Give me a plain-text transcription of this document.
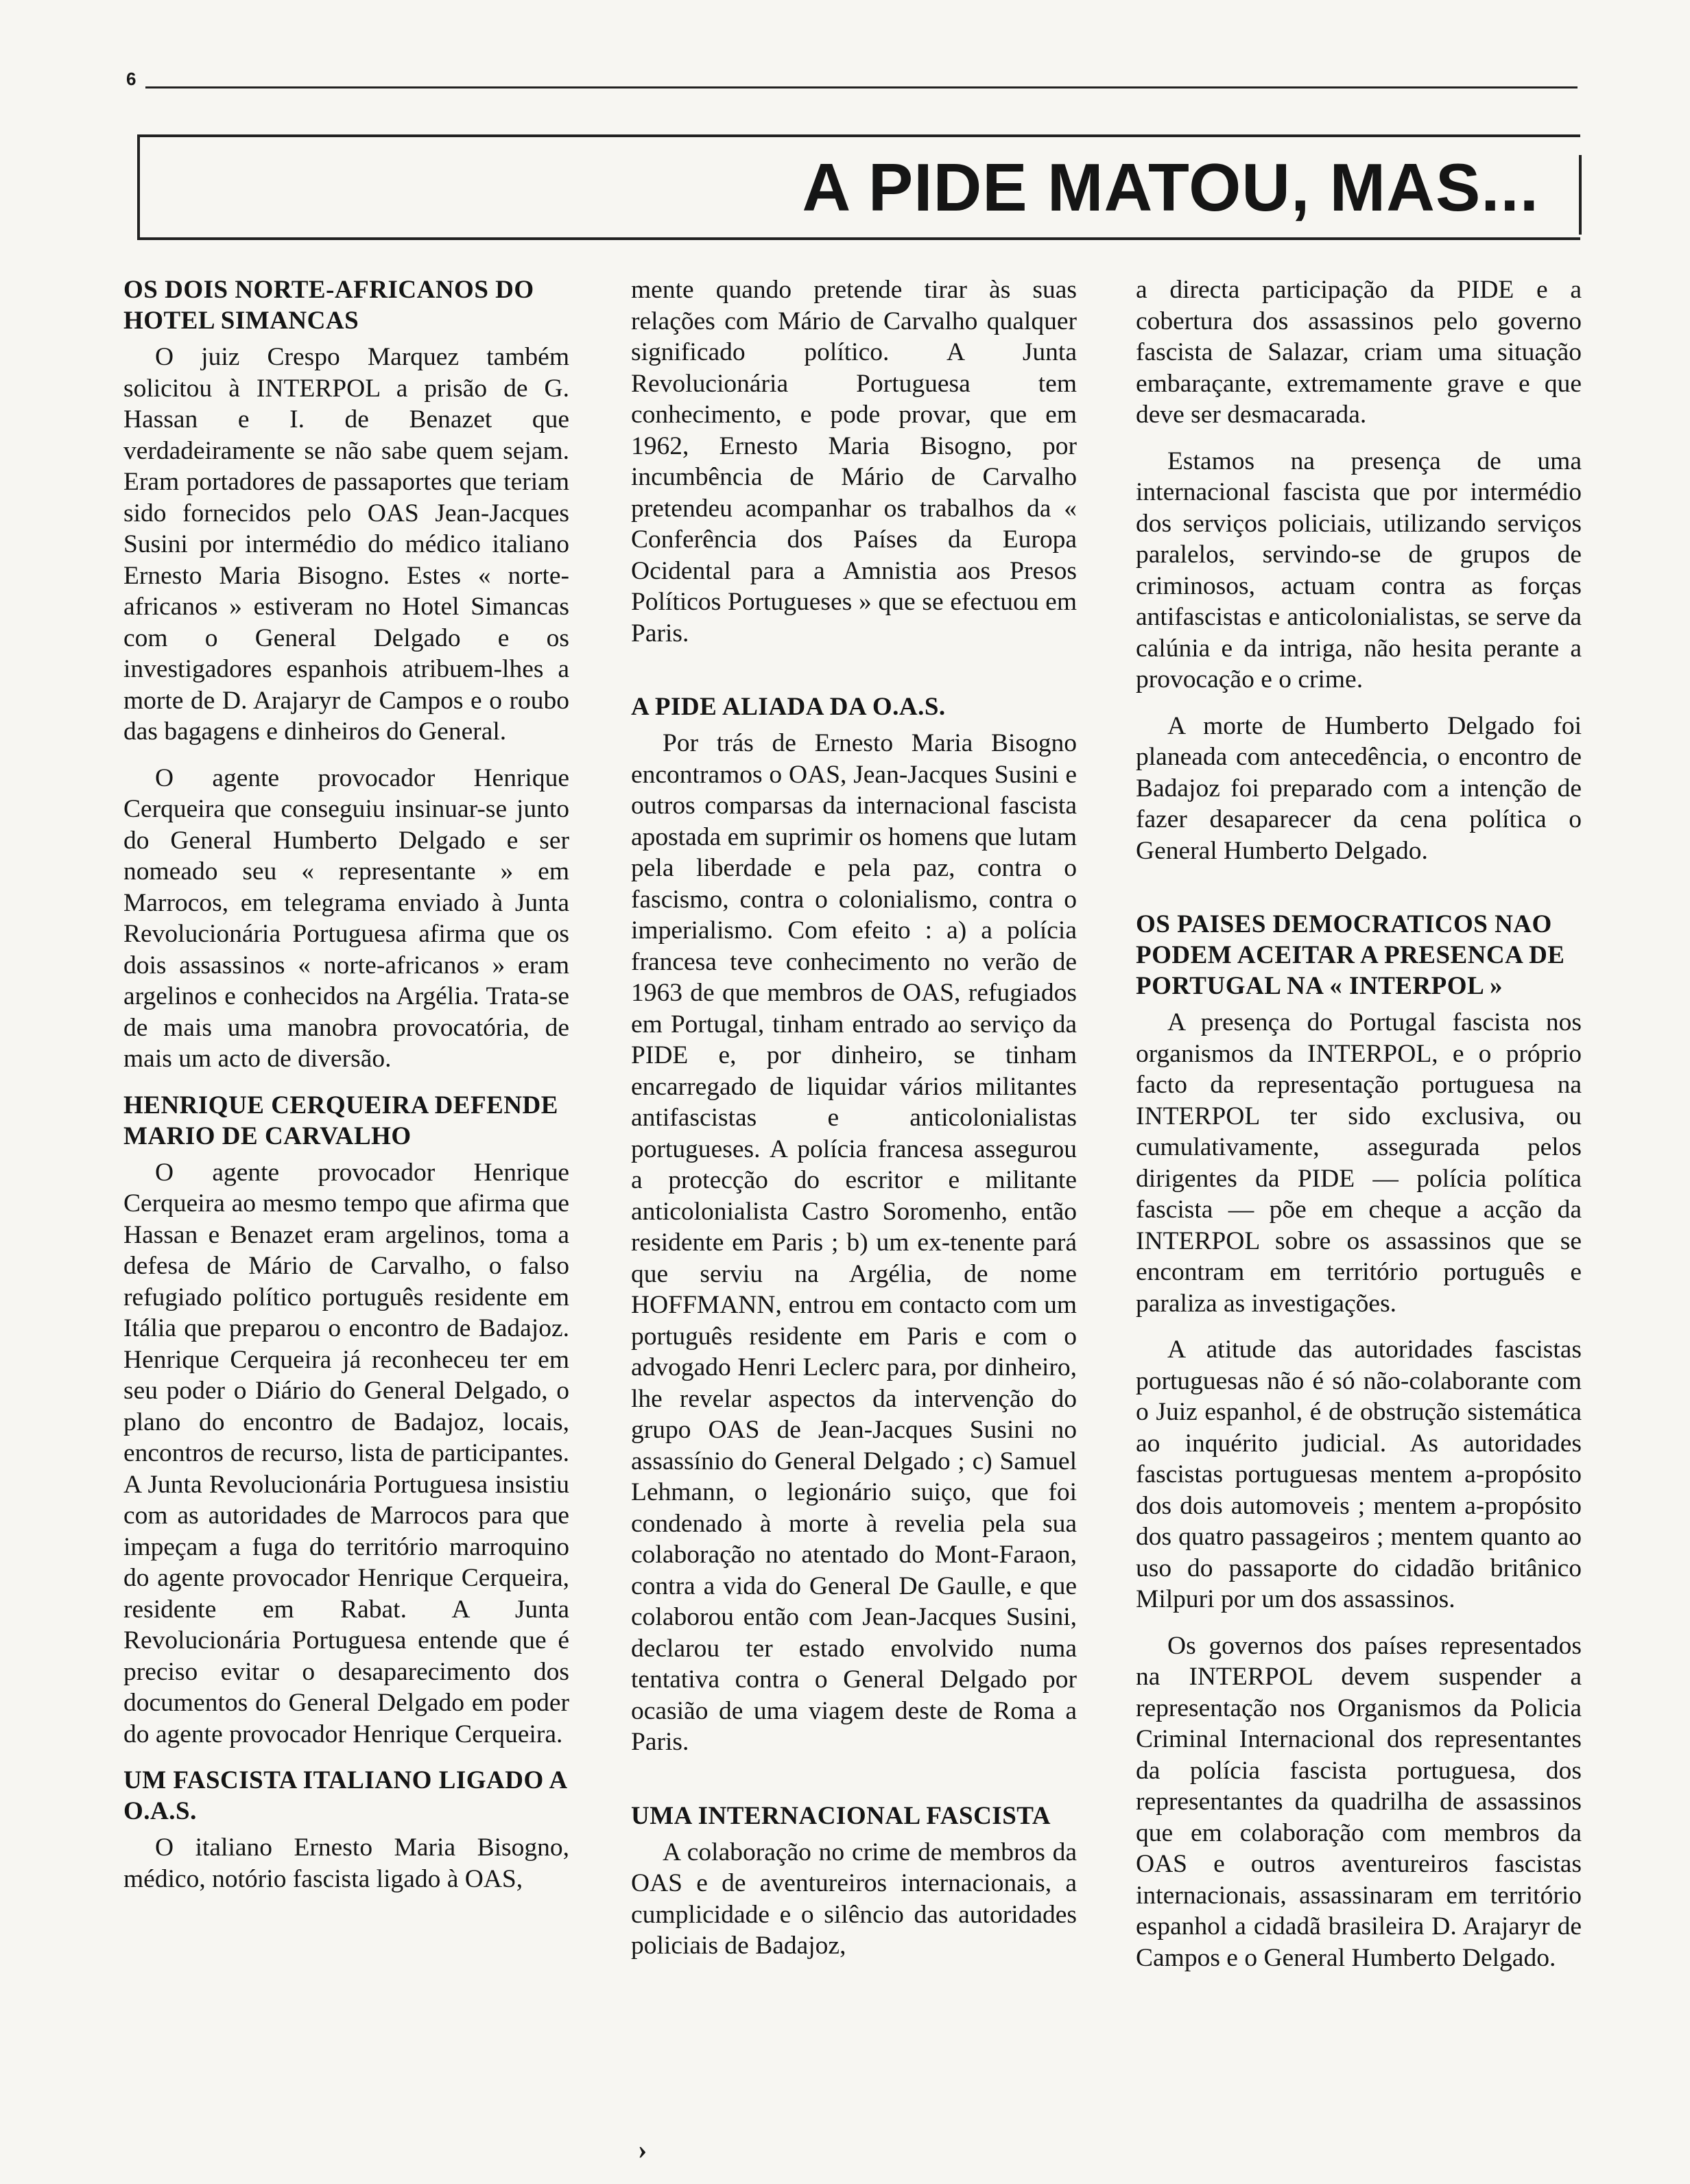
6
A PIDE MATOU, MAS...
OS DOIS NORTE-AFRICANOS DO HOTEL SIMANCAS

O juiz Crespo Marquez também solicitou à INTERPOL a prisão de G. Hassan e I. de Benazet que verdadeiramente se não sabe quem sejam. Eram portadores de passaportes que teriam sido fornecidos pelo OAS Jean-Jacques Susini por intermédio do médico italiano Ernesto Maria Bisogno. Estes « norte-africanos » estiveram no Hotel Simancas com o General Delgado e os investigadores espanhois atribuem-lhes a morte de D. Arajaryr de Campos e o roubo das bagagens e dinheiros do General.

O agente provocador Henrique Cerqueira que conseguiu insinuar-se junto do General Humberto Delgado e ser nomeado seu « representante » em Marrocos, em telegrama enviado à Junta Revolucionária Portuguesa afirma que os dois assassinos « norte-africanos » eram argelinos e conhecidos na Argélia. Trata-se de mais uma manobra provocatória, de mais um acto de diversão.

HENRIQUE CERQUEIRA DEFENDE MARIO DE CARVALHO

O agente provocador Henrique Cerqueira ao mesmo tempo que afirma que Hassan e Benazet eram argelinos, toma a defesa de Mário de Carvalho, o falso refugiado político português residente em Itália que preparou o encontro de Badajoz. Henrique Cerqueira já reconheceu ter em seu poder o Diário do General Delgado, o plano do encontro de Badajoz, locais, encontros de recurso, lista de participantes. A Junta Revolucionária Portuguesa insistiu com as autoridades de Marrocos para que impeçam a fuga do território marroquino do agente provocador Henrique Cerqueira, residente em Rabat. A Junta Revolucionária Portuguesa entende que é preciso evitar o desaparecimento dos documentos do General Delgado em poder do agente provocador Henrique Cerqueira.

UM FASCISTA ITALIANO LIGADO A O.A.S.

O italiano Ernesto Maria Bisogno, médico, notório fascista ligado à OAS,

mente quando pretende tirar às suas relações com Mário de Carvalho qualquer significado político. A Junta Revolucionária Portuguesa tem conhecimento, e pode provar, que em 1962, Ernesto Maria Bisogno, por incumbência de Mário de Carvalho pretendeu acompanhar os trabalhos da « Conferência dos Países da Europa Ocidental para a Amnistia aos Presos Políticos Portugueses » que se efectuou em Paris.

A PIDE ALIADA DA O.A.S.

Por trás de Ernesto Maria Bisogno encontramos o OAS, Jean-Jacques Susini e outros comparsas da internacional fascista apostada em suprimir os homens que lutam pela liberdade e pela paz, contra o fascismo, contra o colonialismo, contra o imperialismo. Com efeito : a) a polícia francesa teve conhecimento no verão de 1963 de que membros de OAS, refugiados em Portugal, tinham entrado ao serviço da PIDE e, por dinheiro, se tinham encarregado de liquidar vários militantes antifascistas e anticolonialistas portugueses. A polícia francesa assegurou a protecção do escritor e militante anticolonialista Castro Soromenho, então residente em Paris ; b) um ex-tenente pará que serviu na Argélia, de nome HOFFMANN, entrou em contacto com um português residente em Paris e com o advogado Henri Leclerc para, por dinheiro, lhe revelar aspectos da intervenção do grupo OAS de Jean-Jacques Susini no assassínio do General Delgado ; c) Samuel Lehmann, o legionário suiço, que foi condenado à morte à revelia pela sua colaboração no atentado do Mont-Faraon, contra a vida do General De Gaulle, e que colaborou então com Jean-Jacques Susini, declarou ter estado envolvido numa tentativa contra o General Delgado por ocasião de uma viagem deste de Roma a Paris.

UMA INTERNACIONAL FASCISTA

A colaboração no crime de membros da OAS e de aventureiros internacionais, a cumplicidade e o silêncio das autoridades policiais de Badajoz,

a directa participação da PIDE e a cobertura dos assassinos pelo governo fascista de Salazar, criam uma situação embaraçante, extremamente grave e que deve ser desmacarada.

Estamos na presença de uma internacional fascista que por intermédio dos serviços policiais, utilizando serviços paralelos, servindo-se de grupos de criminosos, actuam contra as forças antifascistas e anticolonialistas, se serve da calúnia e da intriga, não hesita perante a provocação e o crime.

A morte de Humberto Delgado foi planeada com antecedência, o encontro de Badajoz foi preparado com a intenção de fazer desaparecer da cena política o General Humberto Delgado.

OS PAISES DEMOCRATICOS NAO PODEM ACEITAR A PRESENCA DE PORTUGAL NA « INTERPOL »

A presença do Portugal fascista nos organismos da INTERPOL, e o próprio facto da representação portuguesa na INTERPOL ter sido exclusiva, ou cumulativamente, assegurada pelos dirigentes da PIDE — polícia política fascista — põe em cheque a acção da INTERPOL sobre os assassinos que se encontram em território português e paraliza as investigações.

A atitude das autoridades fascistas portuguesas não é só não-colaborante com o Juiz espanhol, é de obstrução sistemática ao inquérito judicial. As autoridades fascistas portuguesas mentem a-propósito dos dois automoveis ; mentem a-propósito dos quatro passageiros ; mentem quanto ao uso do passaporte do cidadão britânico Milpuri por um dos assassinos.

Os governos dos países representados na INTERPOL devem suspender a representação nos Organismos da Policia Criminal Internacional dos representantes da polícia fascista portuguesa, dos representantes da quadrilha de assassinos que em colaboração com membros da OAS e outros aventureiros fascistas internacionais, assassinaram em território espanhol a cidadã brasileira D. Arajaryr de Campos e o General Humberto Delgado.

›
